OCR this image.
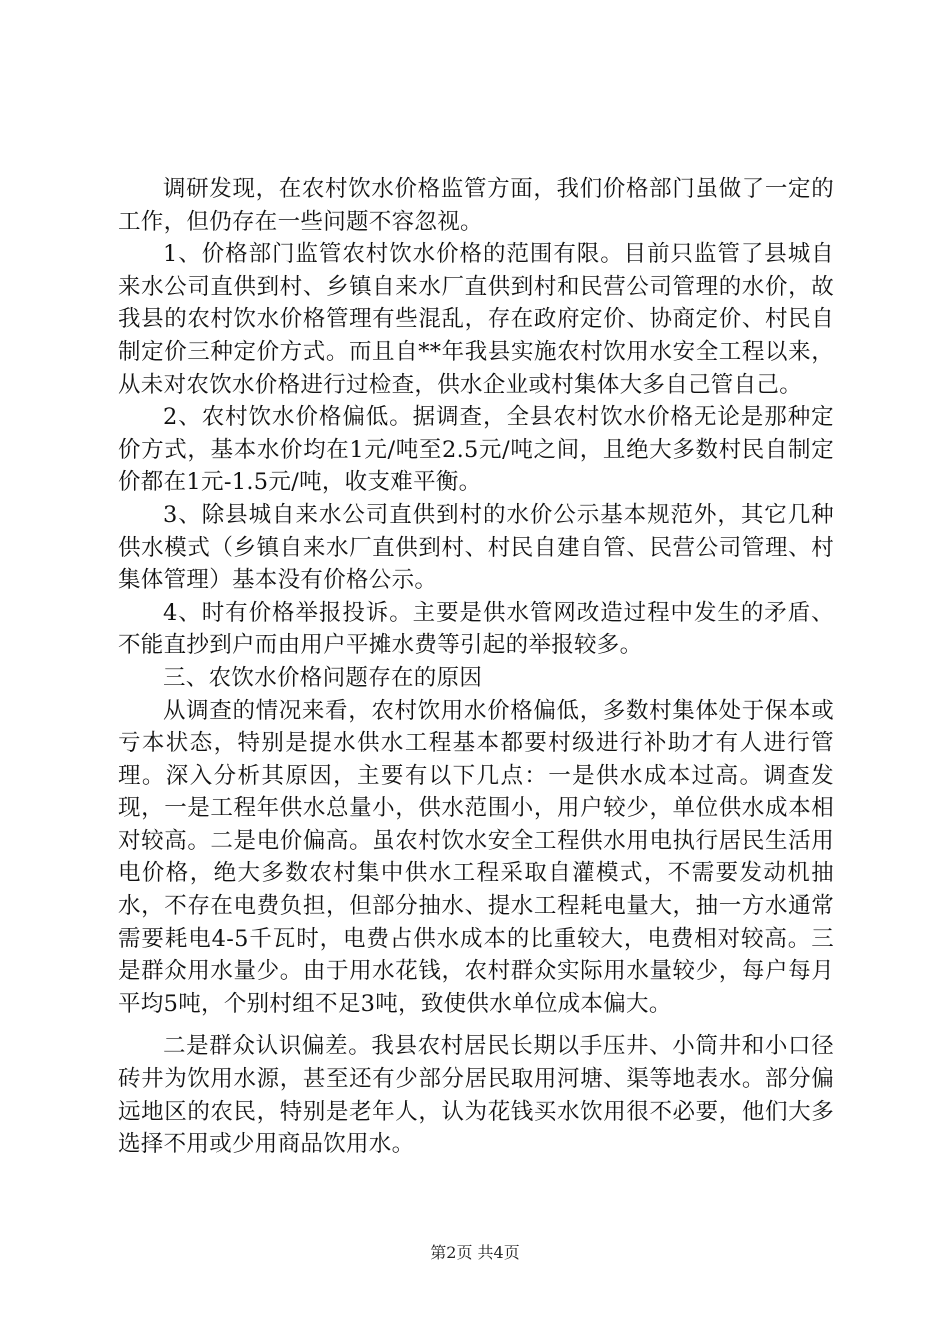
调研发现，在农村饮水价格监管方面，我们价格部门虽做了一定的工作，但仍存在一些问题不容忽视。

1、价格部门监管农村饮水价格的范围有限。目前只监管了县城自来水公司直供到村、乡镇自来水厂直供到村和民营公司管理的水价，故我县的农村饮水价格管理有些混乱，存在政府定价、协商定价、村民自制定价三种定价方式。而且自**年我县实施农村饮用水安全工程以来，从未对农饮水价格进行过检查，供水企业或村集体大多自己管自己。

2、农村饮水价格偏低。据调查，全县农村饮水价格无论是那种定价方式，基本水价均在1元/吨至2.5元/吨之间，且绝大多数村民自制定价都在1元-1.5元/吨，收支难平衡。

3、除县城自来水公司直供到村的水价公示基本规范外，其它几种供水模式（乡镇自来水厂直供到村、村民自建自管、民营公司管理、村集体管理）基本没有价格公示。

4、时有价格举报投诉。主要是供水管网改造过程中发生的矛盾、不能直抄到户而由用户平摊水费等引起的举报较多。

三、农饮水价格问题存在的原因

从调查的情况来看，农村饮用水价格偏低，多数村集体处于保本或亏本状态，特别是提水供水工程基本都要村级进行补助才有人进行管理。深入分析其原因，主要有以下几点：一是供水成本过高。调查发现，一是工程年供水总量小，供水范围小，用户较少，单位供水成本相对较高。二是电价偏高。虽农村饮水安全工程供水用电执行居民生活用电价格，绝大多数农村集中供水工程采取自灌模式，不需要发动机抽水，不存在电费负担，但部分抽水、提水工程耗电量大，抽一方水通常需要耗电4-5千瓦时，电费占供水成本的比重较大，电费相对较高。三是群众用水量少。由于用水花钱，农村群众实际用水量较少，每户每月平均5吨，个别村组不足3吨，致使供水单位成本偏大。

二是群众认识偏差。我县农村居民长期以手压井、小筒井和小口径砖井为饮用水源，甚至还有少部分居民取用河塘、渠等地表水。部分偏远地区的农民，特别是老年人，认为花钱买水饮用很不必要，他们大多选择不用或少用商品饮用水。

第2页 共4页
